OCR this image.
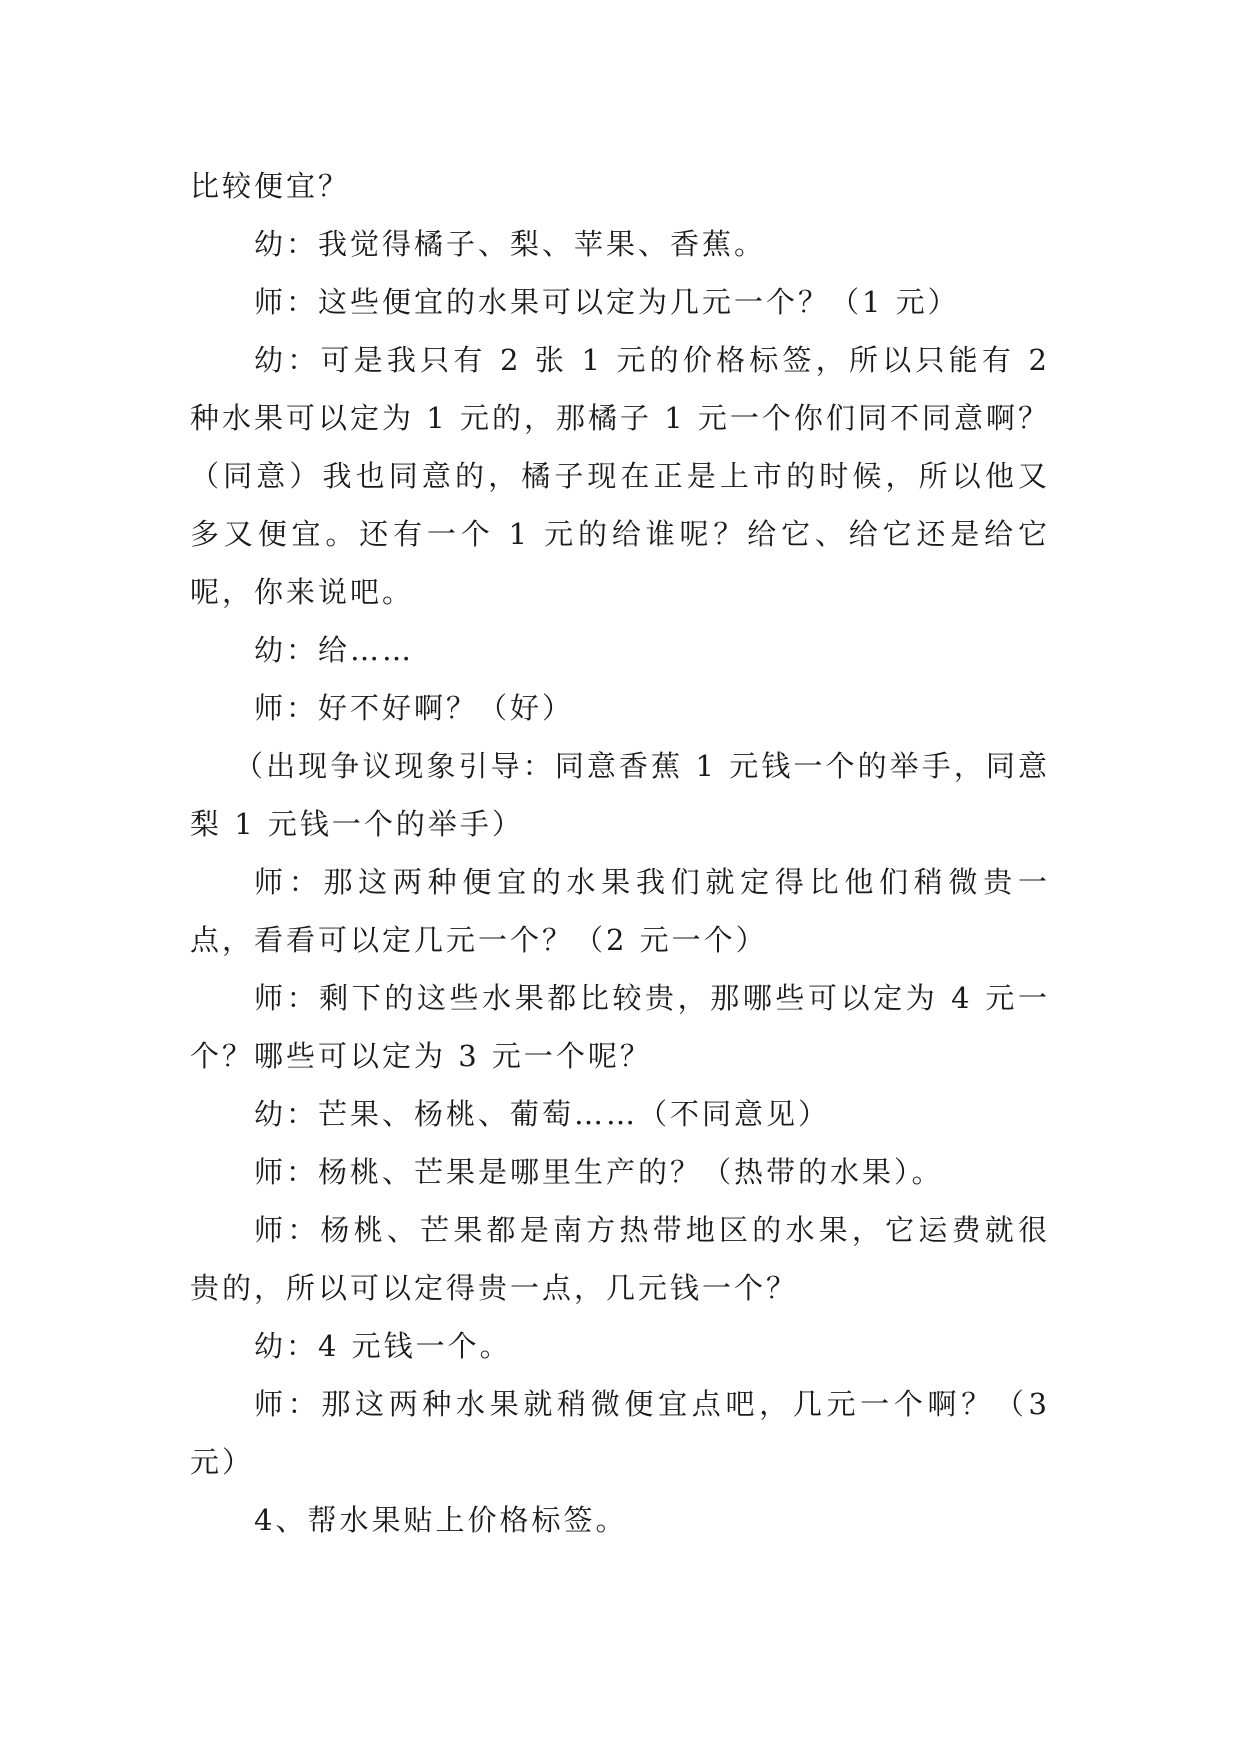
比较便宜？

幼：我觉得橘子、梨、苹果、香蕉。

师：这些便宜的水果可以定为几元一个？（1 元）

幼：可是我只有 2 张 1 元的价格标签，所以只能有 2 种水果可以定为 1 元的，那橘子 1 元一个你们同不同意啊？（同意）我也同意的，橘子现在正是上市的时候，所以他又多又便宜。还有一个 1 元的给谁呢？给它、给它还是给它呢，你来说吧。

幼：给……

师：好不好啊？（好）

（出现争议现象引导：同意香蕉 1 元钱一个的举手，同意梨 1 元钱一个的举手）

师：那这两种便宜的水果我们就定得比他们稍微贵一点，看看可以定几元一个？（2 元一个）

师：剩下的这些水果都比较贵，那哪些可以定为 4 元一个？哪些可以定为 3 元一个呢？

幼：芒果、杨桃、葡萄……（不同意见）

师：杨桃、芒果是哪里生产的？（热带的水果）。

师：杨桃、芒果都是南方热带地区的水果，它运费就很贵的，所以可以定得贵一点，几元钱一个？

幼：4 元钱一个。

师：那这两种水果就稍微便宜点吧，几元一个啊？（3 元）

4、帮水果贴上价格标签。
